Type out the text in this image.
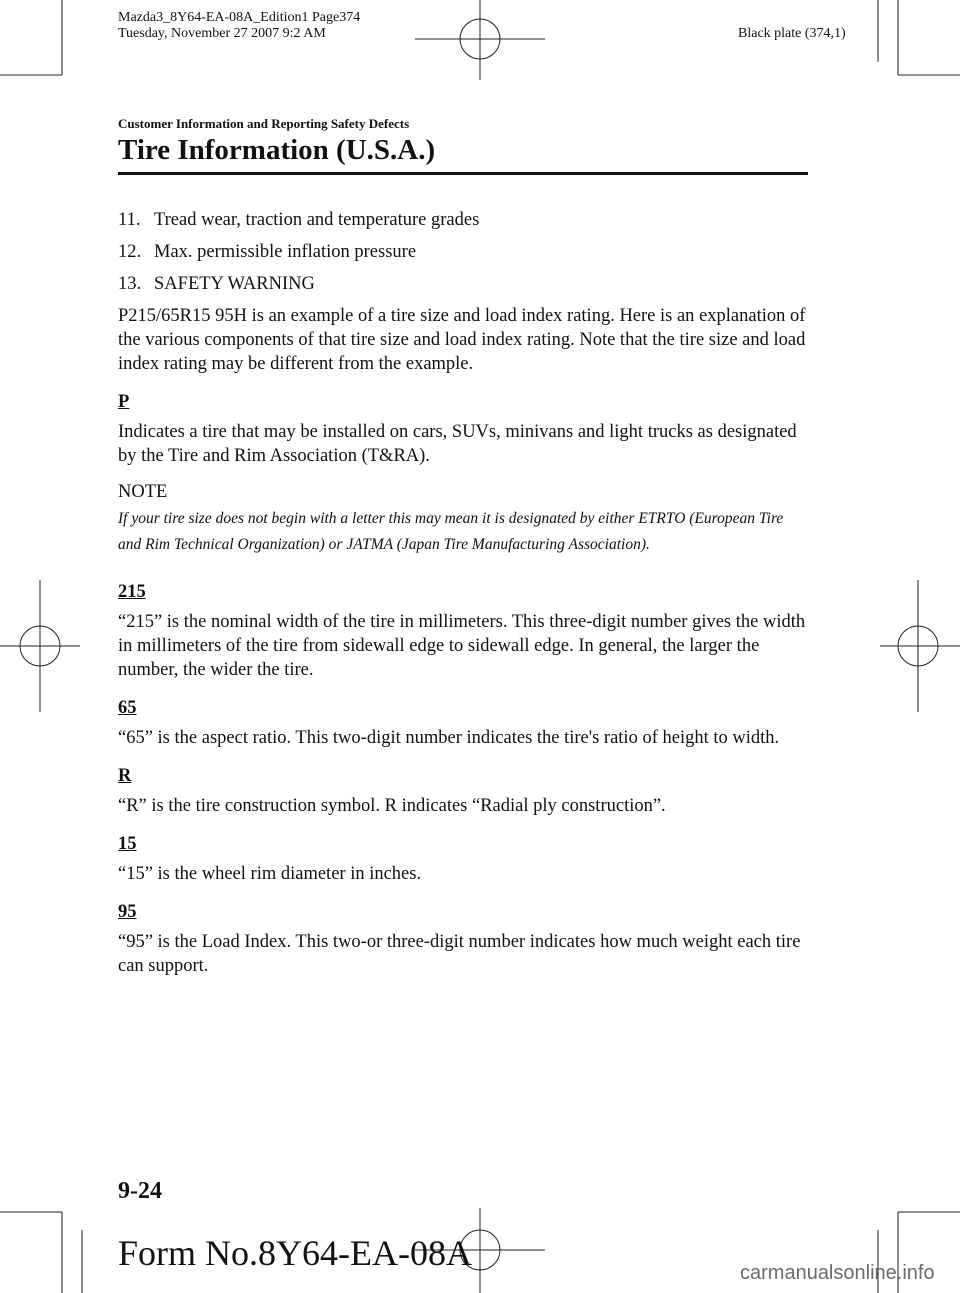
Mazda3_8Y64-EA-08A_Edition1 Page374
Tuesday, November 27 2007 9:2 AM	Black plate (374,1)
Customer Information and Reporting Safety Defects
Tire Information (U.S.A.)

11. Tread wear, traction and temperature grades

12. Max. permissible inflation pressure

13. SAFETY WARNING

P215/65R15 95H is an example of a tire size and load index rating. Here is an explanation of the various components of that tire size and load index rating. Note that the tire size and load index rating may be different from the example.

P

Indicates a tire that may be installed on cars, SUVs, minivans and light trucks as designated by the Tire and Rim Association (T&RA).

NOTE

If your tire size does not begin with a letter this may mean it is designated by either ETRTO (European Tire and Rim Technical Organization) or JATMA (Japan Tire Manufacturing Association).

215

“215” is the nominal width of the tire in millimeters. This three-digit number gives the width in millimeters of the tire from sidewall edge to sidewall edge. In general, the larger the number, the wider the tire.

65

“65” is the aspect ratio. This two-digit number indicates the tire's ratio of height to width.

R

“R” is the tire construction symbol. R indicates “Radial ply construction”.

15

“15” is the wheel rim diameter in inches.

95

“95” is the Load Index. This two-or three-digit number indicates how much weight each tire can support.

9-24
Form No.8Y64-EA-08A	carmanualsonline.info
